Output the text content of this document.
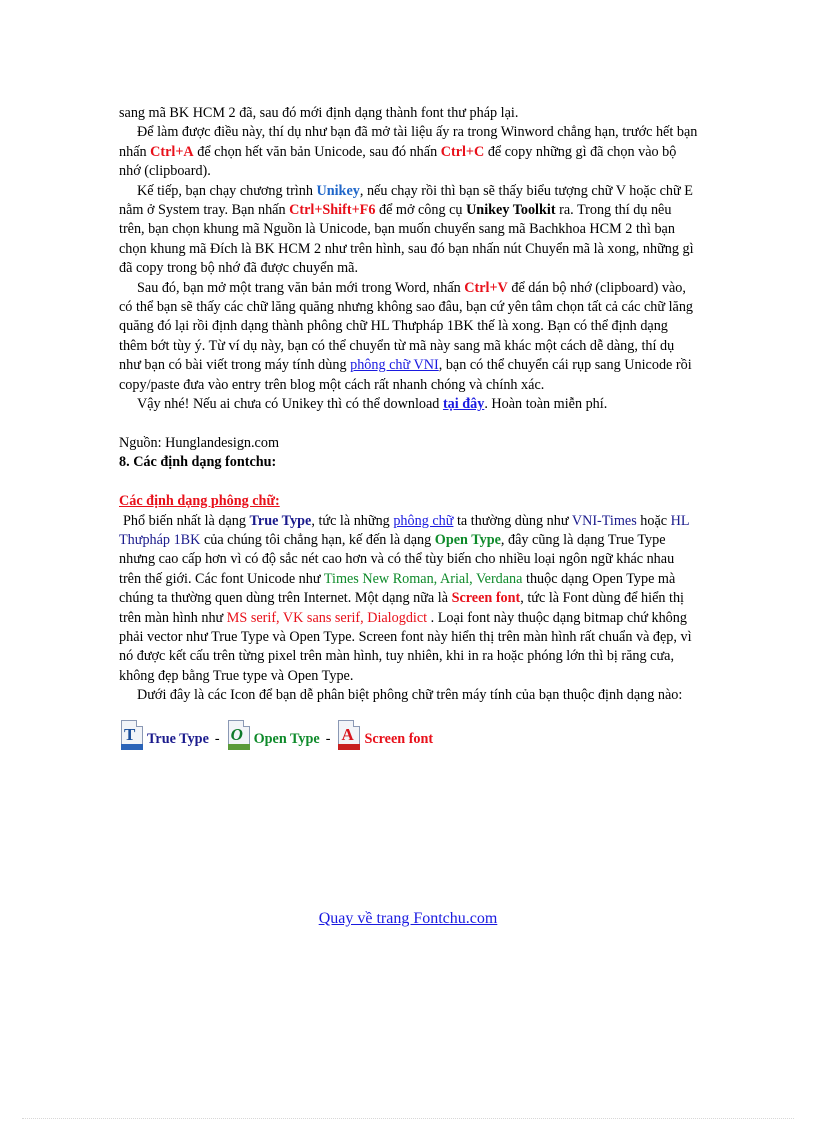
sang mã BK HCM 2 đã, sau đó mới định dạng thành font thư pháp lại.

Để làm được điều này, thí dụ như bạn đã mở tài liệu ấy ra trong Winword chẳng hạn, trước hết bạn nhấn Ctrl+A để chọn hết văn bản Unicode, sau đó nhấn Ctrl+C để copy những gì đã chọn vào bộ nhớ (clipboard).

Kế tiếp, bạn chạy chương trình Unikey, nếu chạy rồi thì bạn sẽ thấy biểu tượng chữ V hoặc chữ E nằm ở System tray. Bạn nhấn Ctrl+Shift+F6 để mở công cụ Unikey Toolkit ra. Trong thí dụ nêu trên, bạn chọn khung mã Nguồn là Unicode, bạn muốn chuyển sang mã Bachkhoa HCM 2 thì bạn chọn khung mã Đích là BK HCM 2 như trên hình, sau đó bạn nhấn nút Chuyển mã là xong, những gì đã copy trong bộ nhớ đã được chuyển mã.

Sau đó, bạn mở một trang văn bản mới trong Word, nhấn Ctrl+V để dán bộ nhớ (clipboard) vào, có thể bạn sẽ thấy các chữ lăng quăng nhưng không sao đâu, bạn cứ yên tâm chọn tất cả các chữ lăng quăng đó lại rồi định dạng thành phông chữ HL Thưpháp 1BK thế là xong. Bạn có thể định dạng thêm bớt tùy ý. Từ ví dụ này, bạn có thể chuyển từ mã này sang mã khác một cách dễ dàng, thí dụ như bạn có bài viết trong máy tính dùng phông chữ VNI, bạn có thể chuyển cái rụp sang Unicode rồi copy/paste đưa vào entry trên blog một cách rất nhanh chóng và chính xác.

Vậy nhé! Nếu ai chưa có Unikey thì có thể download tại đây. Hoàn toàn miễn phí.

Nguồn: Hunglandesign.com

8. Các định dạng fontchu:

Các định dạng phông chữ:

Phổ biến nhất là dạng True Type, tức là những phông chữ ta thường dùng như VNI-Times hoặc HL Thưpháp 1BK của chúng tôi chẳng hạn, kế đến là dạng Open Type, đây cũng là dạng True Type nhưng cao cấp hơn vì có độ sắc nét cao hơn và có thể tùy biến cho nhiều loại ngôn ngữ khác nhau trên thế giới. Các font Unicode như Times New Roman, Arial, Verdana thuộc dạng Open Type mà chúng ta thường quen dùng trên Internet. Một dạng nữa là Screen font, tức là Font dùng để hiển thị trên màn hình như MS serif, VK sans serif, Dialogdict . Loại font này thuộc dạng bitmap chứ không phải vector như True Type và Open Type. Screen font này hiển thị trên màn hình rất chuẩn và đẹp, vì nó được kết cấu trên từng pixel trên màn hình, tuy nhiên, khi in ra hoặc phóng lớn thì bị răng cưa, không đẹp bằng True type và Open Type.

Dưới đây là các Icon để bạn dễ phân biệt phông chữ trên máy tính của bạn thuộc định dạng nào:

T True Type - O Open Type - A Screen font
Quay về trang Fontchu.com
